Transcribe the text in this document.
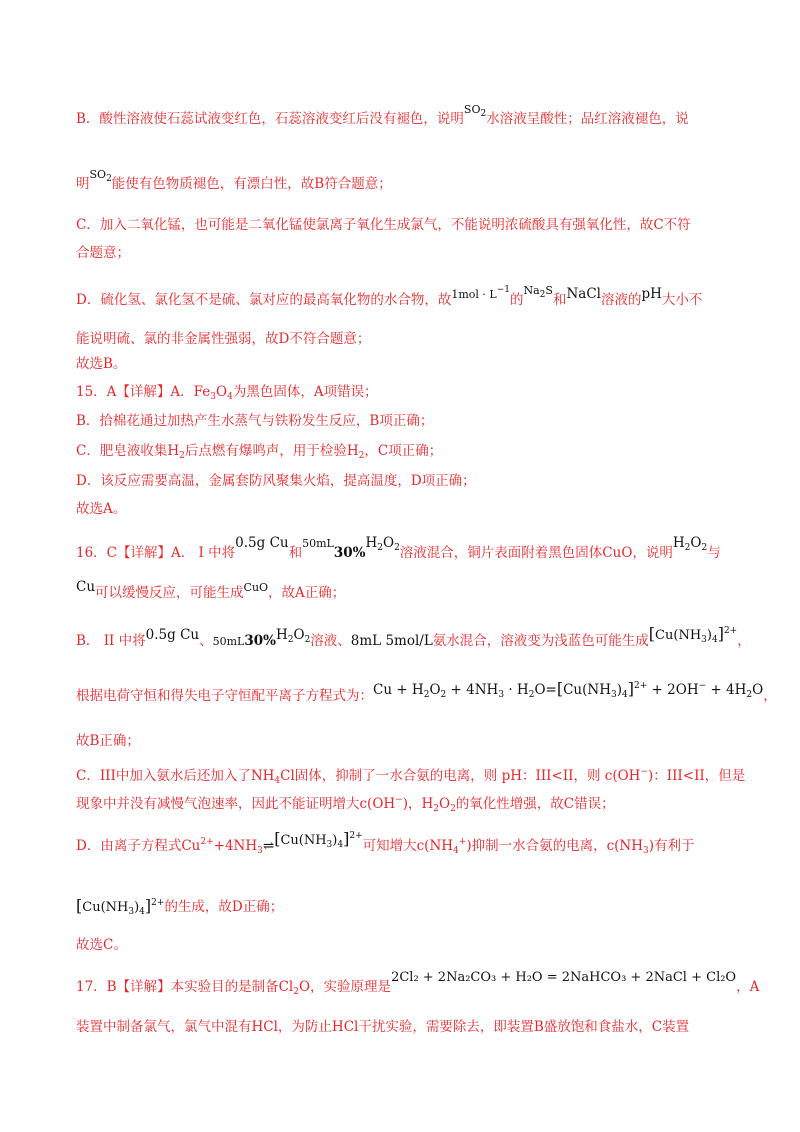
B．酸性溶液使石蕊试液变红色，石蕊溶液变红后没有褪色，说明$^{SO_2}$水溶液呈酸性；品红溶液褪色，说
明$^{SO_2}$能使有色物质褪色，有漂白性，故B符合题意；
C．加入二氧化锰，也可能是二氧化锰使氯离子氧化生成氯气，不能说明浓硫酸具有强氧化性，故C不符
合题意；
D．硫化氢、氯化氢不是硫、氯对应的最高氧化物的水合物，故$^{1mol \cdot L^{-1}}$的$^{Na_2S}$和NaCl溶液的pH大小不
能说明硫、氯的非金属性强弱，故D不符合题意；
故选B。
15．A【详解】A．$Fe_3O_4$为黑色固体，A项错误；
B．拾棉花通过加热产生水蒸气与铁粉发生反应，B项正确；
C．肥皂液收集$H_2$后点燃有爆鸣声，用于检验$H_2$，C项正确；
D．该反应需要高温，金属套防风聚集火焰，提高温度，D项正确；
故选A。
16．C【详解】A． I 中将0.5g Cu和$^{50mL}30\%H_2O_2$溶液混合，铜片表面附着黑色固体CuO，说明$H_2O_2$与
Cu可以缓慢反应，可能生成$^{CuO}$，故A正确；
B． II 中将0.5g Cu、$50mL30\%H_2O_2$溶液、8mL 5mol/L氨水混合，溶液变为浅蓝色可能生成$[Cu(NH_3)_4]^{2+}$，
根据电荷守恒和得失电子守恒配平离子方程式为：$Cu + H_2O_2 + 4NH_3 \cdot H_2O=[Cu(NH_3)_4]^{2+} + 2OH^- + 4H_2O$，
故B正确；
C．III中加入氨水后还加入了$NH_4Cl$固体，抑制了一水合氨的电离，则 pH：III<II，则 c(OH−)：III<II，但是
现象中并没有减慢气泡速率，因此不能证明增大c(OH−)，$H_2O_2$的氧化性增强，故C错误；
D．由离子方程式$Cu^{2+}+4NH_3\rightleftharpoons[Cu(NH_3)_4]^{2+}$可知增大$c(NH_4^+)$抑制一水合氨的电离，$c(NH_3)$有利于
$[Cu(NH_3)_4]^{2+}$的生成，故D正确；
故选C。
17．B【详解】本实验目的是制备$Cl_2O$，实验原理是2Cl₂ + 2Na₂CO₃ + H₂O = 2NaHCO₃ + 2NaCl + Cl₂O，A
装置中制备氯气，氯气中混有HCl，为防止HCl干扰实验，需要除去，即装置B盛放饱和食盐水，C装置
